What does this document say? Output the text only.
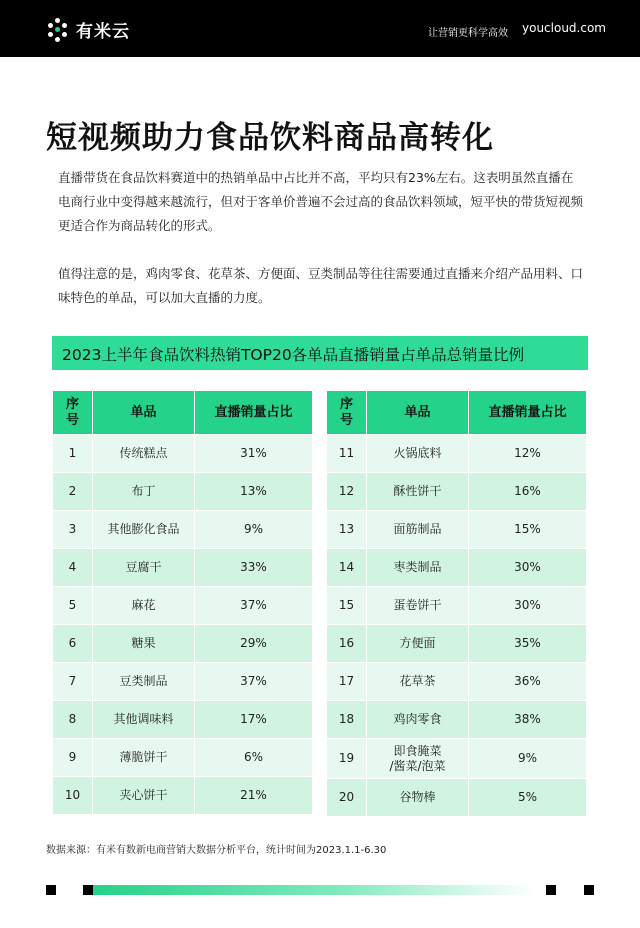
有米云	让营销更科学高效 youcloud.com
短视频助力食品饮料商品高转化

直播带货在食品饮料赛道中的热销单品中占比并不高，平均只有23%左右。这表明虽然直播在电商行业中变得越来越流行，但对于客单价普遍不会过高的食品饮料领域，短平快的带货短视频更适合作为商品转化的形式。

值得注意的是，鸡肉零食、花草茶、方便面、豆类制品等往往需要通过直播来介绍产品用料、口味特色的单品，可以加大直播的力度。

2023上半年食品饮料热销TOP20各单品直播销量占单品总销量比例
序
号	单品	直播销量占比
1	传统糕点	31%
2	布丁	13%
3	其他膨化食品	9%
4	豆腐干	33%
5	麻花	37%
6	糖果	29%
7	豆类制品	37%
8	其他调味料	17%
9	薄脆饼干	6%
10	夹心饼干	21%
序
号	单品	直播销量占比
11	火锅底料	12%
12	酥性饼干	16%
13	面筋制品	15%
14	枣类制品	30%
15	蛋卷饼干	30%
16	方便面	35%
17	花草茶	36%
18	鸡肉零食	38%
19	即食腌菜
/酱菜/泡菜	9%
20	谷物棒	5%

数据来源：有米有数新电商营销大数据分析平台，统计时间为2023.1.1-6.30
